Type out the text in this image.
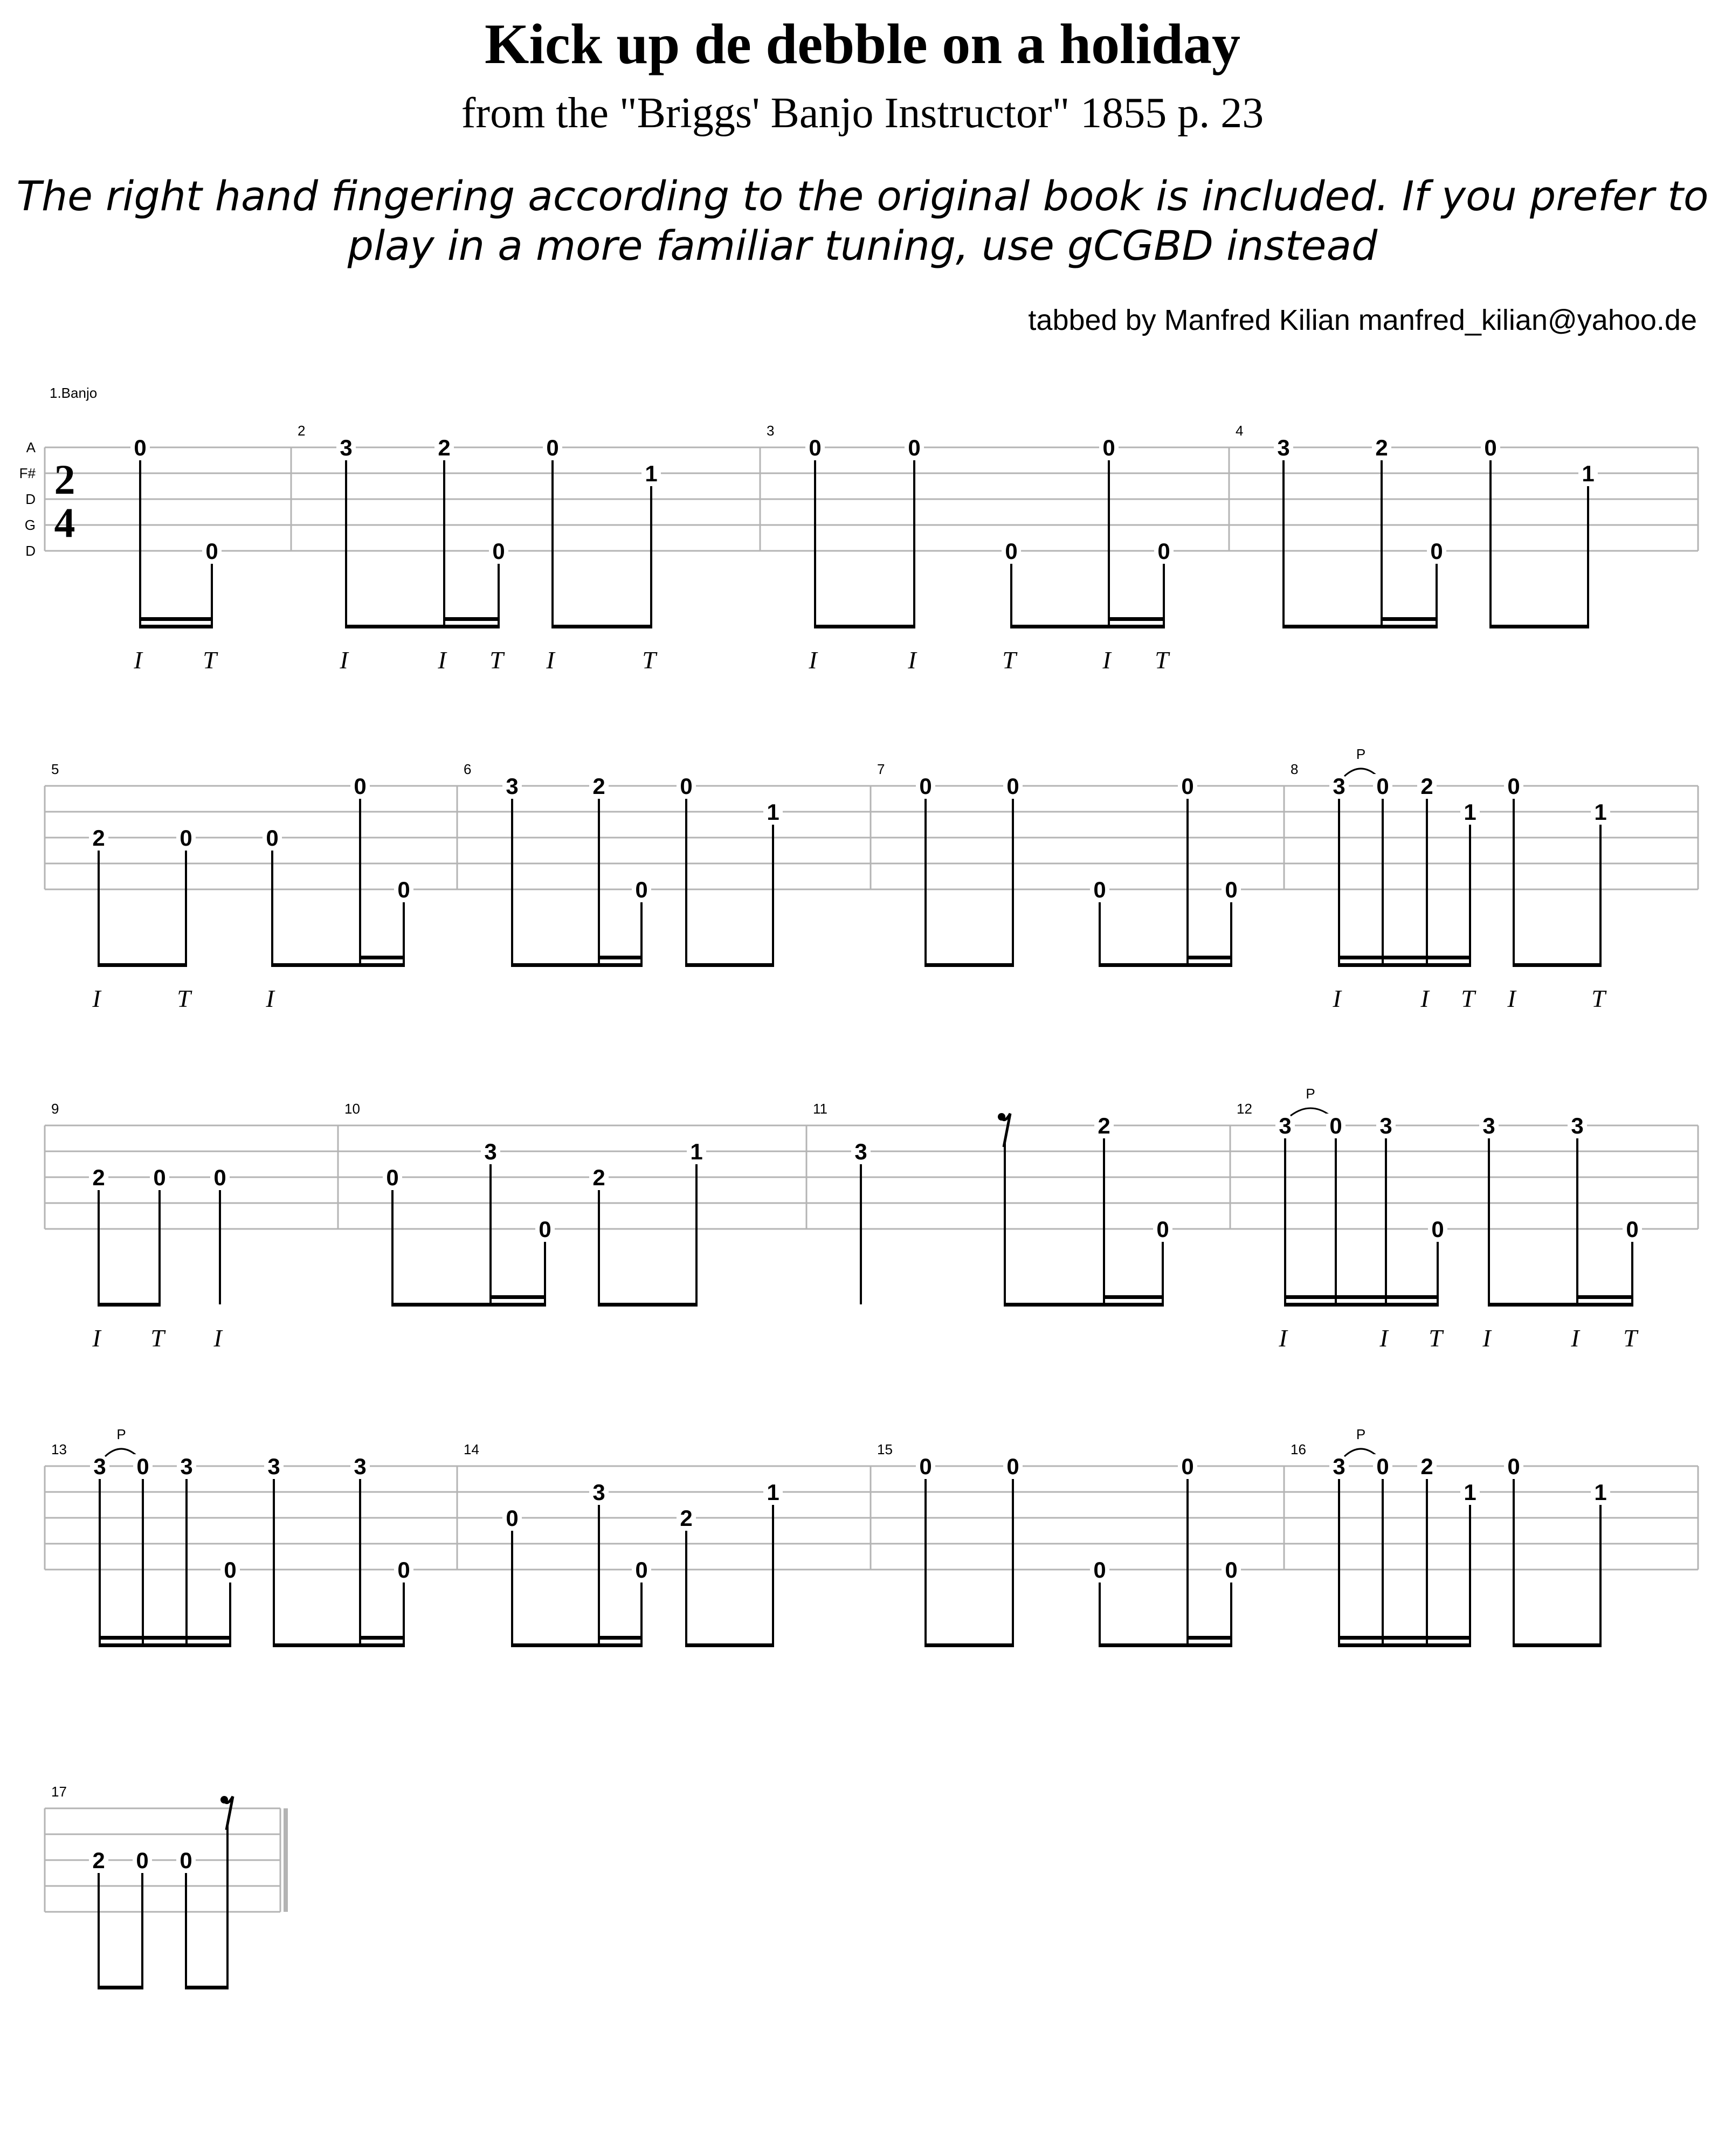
Kick up de debble on a holiday
from the "Briggs' Banjo Instructor" 1855 p. 23
The right hand fingering according to the original book is included. If you prefer to
play in a more familiar tuning, use gCGBD instead
tabbed by Manfred Kilian manfred_kilian@yahoo.de
1.Banjo
A
F#
D
G
D
2
4
0
I
0
T
2
3
I
2
I
0
T
0
I
1
T
3
0
I
0
I
0
T
0
I
0
T
4
3	2
0
0
1
5
2
I
0
T
0
I
0
0
6
3	2
0
0
1
7
0	0
0
0
0
8
3
I
P
0 2
I
1
T
0
I
1
T
9
2
I
0
T
0
I
10
0
3
0
2
1
11
3
2
0
12
3
I
P
0 3
I
0
T
3
I
3
I
0
T
13
3
P
0 3
0
3	3
0
14
0
3
0
2
1
15
0	0
0
0
0
16
3
P
0 2
1
0
1
17
2 0 0
